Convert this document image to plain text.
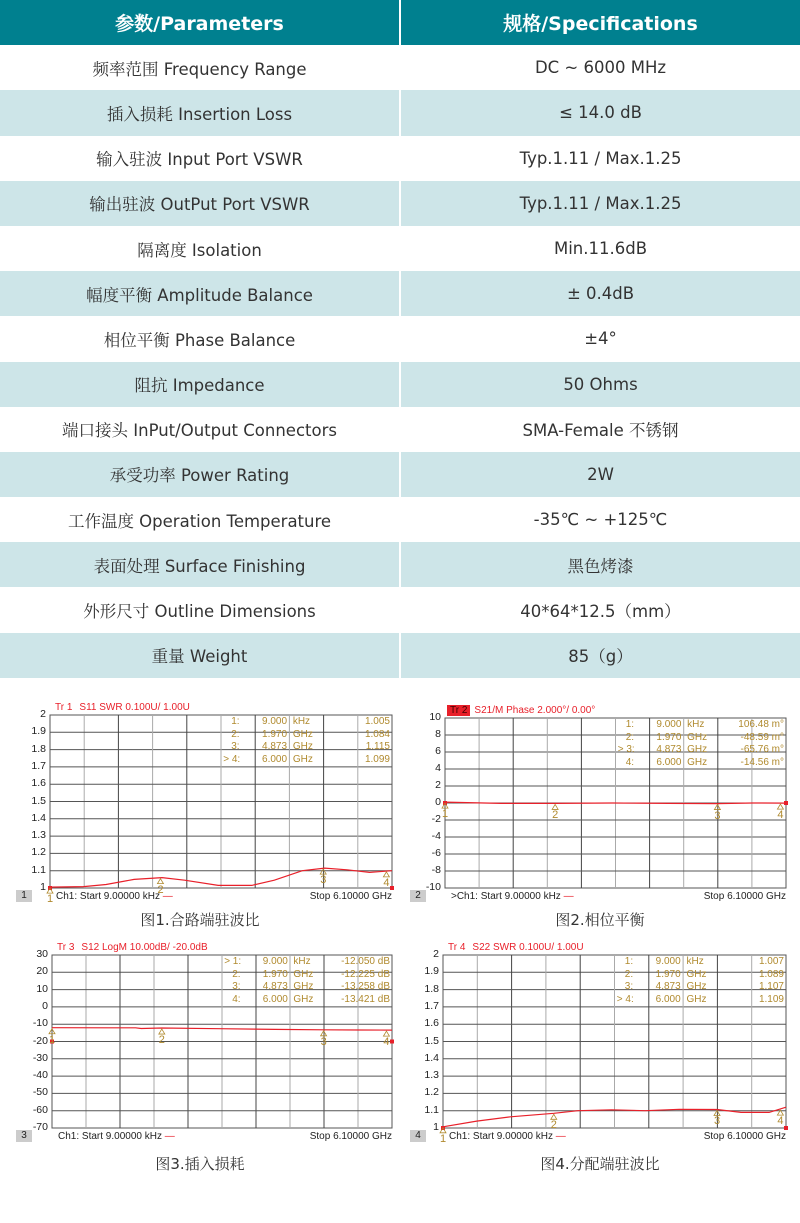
参数/Parameters	规格/Specifications
频率范围 Frequency Range	DC ~ 6000 MHz
插入损耗 Insertion Loss	≤ 14.0 dB
输入驻波 Input Port VSWR	Typ.1.11 / Max.1.25
输出驻波 OutPut Port VSWR	Typ.1.11 / Max.1.25
隔离度 Isolation	Min.11.6dB
幅度平衡 Amplitude Balance	± 0.4dB
相位平衡 Phase Balance	±4°
阻抗 Impedance	50 Ohms
端口接头 InPut/Output Connectors	SMA-Female 不锈钢
承受功率 Power Rating	2W
工作温度 Operation Temperature	-35℃ ~ +125℃
表面处理 Surface Finishing	黑色烤漆
外形尺寸 Outline Dimensions	40*64*12.5（mm）
重量 Weight	85（g）
Tr 1 S11 SWR 0.100U/ 1.00U
2
1.9
1.8
1.7
1.6
1.5
1.4
1.3
1.2
1.1
1
1: 9.000 kHz	1.005
1
2: 1.970 GHz	1.084
2
3: 4.873 GHz	1.115
3
> 4: 6.000 GHz	1.099
4
1	Ch1: Start 9.00000 kHz —	Stop 6.10000 GHz
图1.合路端驻波比
Tr 2 S21/M Phase 2.000°/ 0.00°
10
8
6
4
2
0
-2
-4
-6
-8
-10
1: 9.000 kHz	106.48 m°
1
2: 1.970 GHz	-48.59 m°
2
> 3: 4.873 GHz	-65.76 m°
3
4: 6.000 GHz	-14.56 m°
4
2	>Ch1: Start 9.00000 kHz —	Stop 6.10000 GHz
图2.相位平衡
Tr 3 S12 LogM 10.00dB/ -20.0dB
30
20
10
0
-10
-20
-30
-40
-50
-60
-70
> 1: 9.000 kHz	-12.050 dB
1
2: 1.970 GHz	-12.225 dB
2
3: 4.873 GHz	-13.258 dB
3
4: 6.000 GHz	-13.421 dB
4
3	Ch1: Start 9.00000 kHz —	Stop 6.10000 GHz
图3.插入损耗
Tr 4 S22 SWR 0.100U/ 1.00U
2
1.9
1.8
1.7
1.6
1.5
1.4
1.3
1.2
1.1
1
1: 9.000 kHz	1.007
1
2: 1.970 GHz	1.089
2
3: 4.873 GHz	1.107
3
> 4: 6.000 GHz	1.109
4
4	Ch1: Start 9.00000 kHz —	Stop 6.10000 GHz
图4.分配端驻波比
